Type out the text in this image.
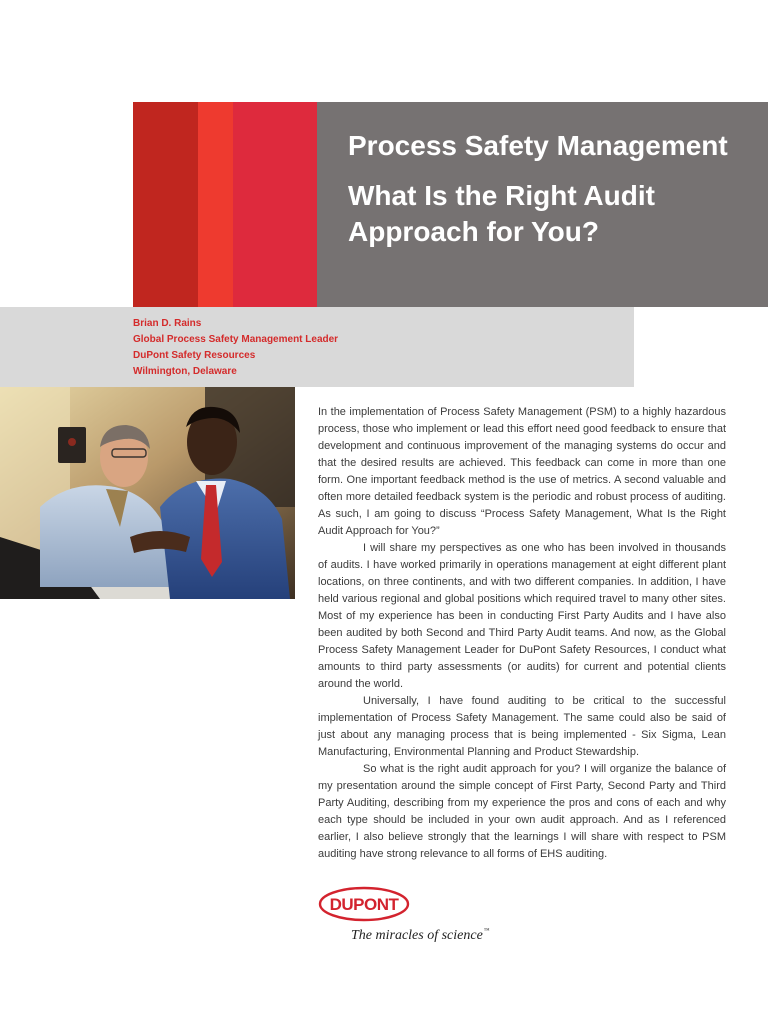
Process Safety Management
What Is the Right Audit Approach for You?

Brian D. Rains

Global Process Safety Management Leader

DuPont Safety Resources

Wilmington, Delaware

In the implementation of Process Safety Management (PSM) to a highly hazardous process, those who implement or lead this effort need good feedback to ensure that development and continuous improvement of the managing systems do occur and that the desired results are achieved. This feedback can come in more than one form. One important feedback method is the use of metrics. A second valuable and often more detailed feedback system is the periodic and robust process of auditing. As such, I am going to discuss “Process Safety Management, What Is the Right Audit Approach for You?”

I will share my perspectives as one who has been involved in thousands of audits. I have worked primarily in operations management at eight different plant locations, on three continents, and with two different companies. In addition, I have held various regional and global positions which required travel to many other sites. Most of my experience has been in conducting First Party Audits and I have also been audited by both Second and Third Party Audit teams. And now, as the Global Process Safety Management Leader for DuPont Safety Resources, I conduct what amounts to third party assessments (or audits) for current and potential clients around the world.

Universally, I have found auditing to be critical to the successful implementation of Process Safety Management. The same could also be said of just about any managing process that is being implemented - Six Sigma, Lean Manufacturing, Environmental Planning and Product Stewardship.

So what is the right audit approach for you? I will organize the balance of my presentation around the simple concept of First Party, Second Party and Third Party Auditing, describing from my experience the pros and cons of each and why each type should be included in your own audit approach. And as I referenced earlier, I also believe strongly that the learnings I will share with respect to PSM auditing have strong relevance to all forms of EHS auditing.

DUPONT

The miracles of science™
